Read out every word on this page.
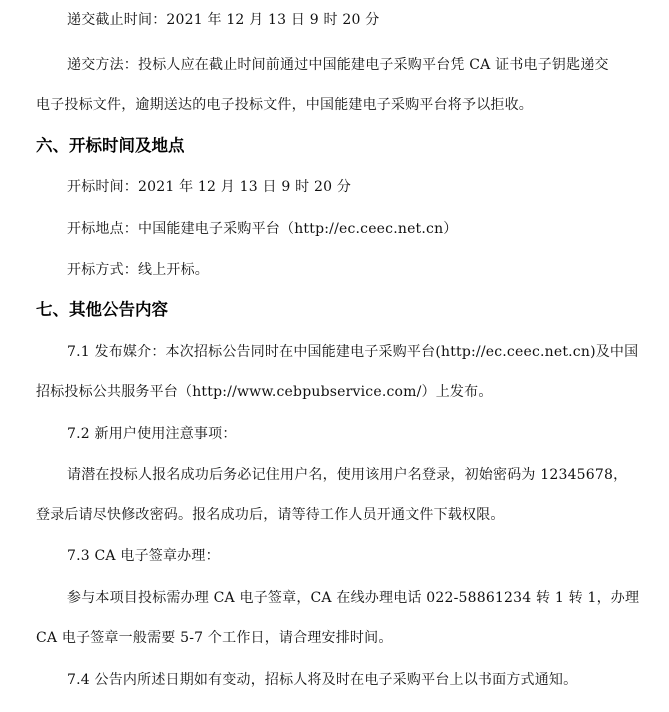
递交截止时间：2021 年 12 月 13 日 9 时 20 分
递交方法：投标人应在截止时间前通过中国能建电子采购平台凭 CA 证书电子钥匙递交
电子投标文件，逾期送达的电子投标文件，中国能建电子采购平台将予以拒收。
六、开标时间及地点
开标时间：2021 年 12 月 13 日 9 时 20 分
开标地点：中国能建电子采购平台（http://ec.ceec.net.cn）
开标方式：线上开标。
七、其他公告内容
7.1 发布媒介：本次招标公告同时在中国能建电子采购平台(http://ec.ceec.net.cn)及中国
招标投标公共服务平台（http://www.cebpubservice.com/）上发布。
7.2 新用户使用注意事项：
请潜在投标人报名成功后务必记住用户名，使用该用户名登录，初始密码为 12345678，
登录后请尽快修改密码。报名成功后，请等待工作人员开通文件下载权限。
7.3 CA 电子签章办理：
参与本项目投标需办理 CA 电子签章，CA 在线办理电话 022-58861234 转 1 转 1，办理
CA 电子签章一般需要 5-7 个工作日，请合理安排时间。
7.4 公告内所述日期如有变动，招标人将及时在电子采购平台上以书面方式通知。
